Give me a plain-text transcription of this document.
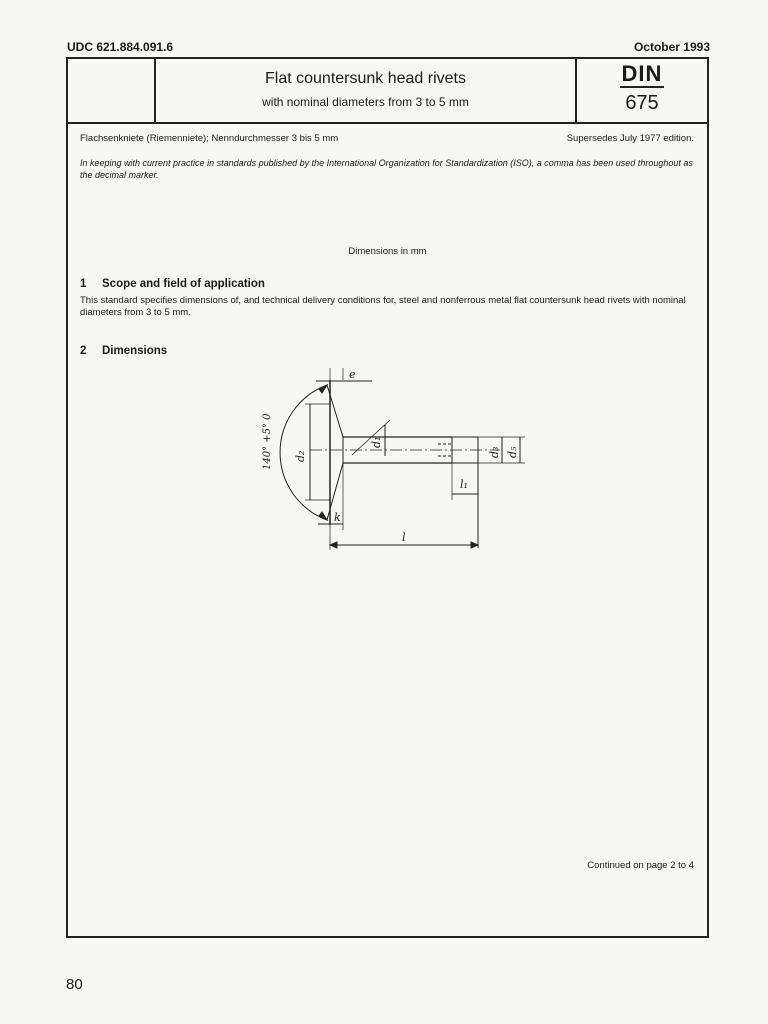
UDC 621.884.091.6	October 1993
Flat countersunk head rivets
with nominal diameters from 3 to 5 mm
DIN
675
Flachsenkniete (Riemenniete); Nenndurchmesser 3 bis 5 mm	Supersedes July 1977 edition.
In keeping with current practice in standards published by the International Organization for Standardization (ISO), a comma has been used throughout as the decimal marker.
Dimensions in mm
1 Scope and field of application
This standard specifies dimensions of, and technical delivery conditions for, steel and nonferrous metal flat countersunk head rivets with nominal diameters from 3 to 5 mm.
2 Dimensions
e
140° +5° 0 d₂
d₁
d₃ d₅
l₁
k
l
Continued on page 2 to 4
80
